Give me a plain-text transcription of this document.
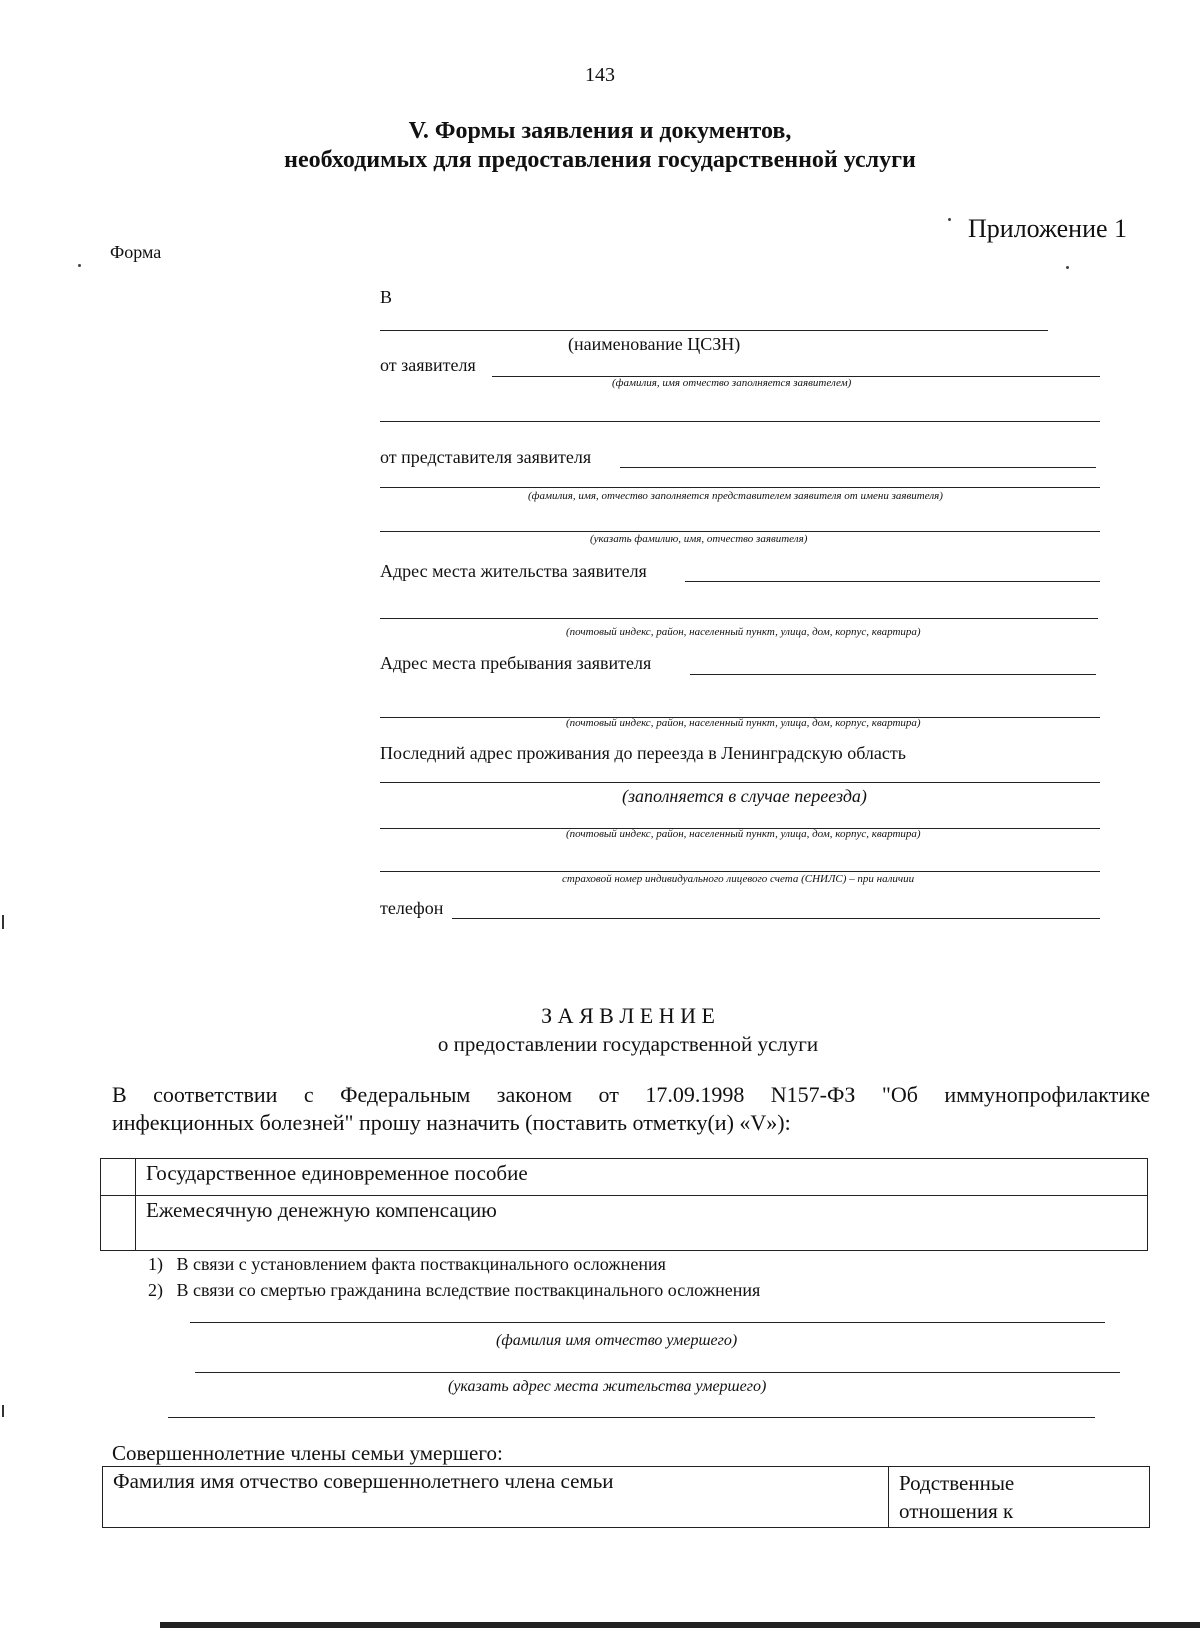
143
V. Формы заявления и документов,
необходимых для предоставления государственной услуги
Приложение 1
Форма
В
(наименование ЦСЗН)
от заявителя
(фамилия, имя отчество заполняется заявителем)
от представителя заявителя
(фамилия, имя, отчество заполняется представителем заявителя от имени заявителя)
(указать фамилию, имя, отчество заявителя)
Адрес места жительства заявителя
(почтовый индекс, район, населенный пункт, улица, дом, корпус, квартира)
Адрес места пребывания заявителя
(почтовый индекс, район, населенный пункт, улица, дом, корпус, квартира)
Последний адрес проживания до переезда в Ленинградскую область
(заполняется в случае переезда)
(почтовый индекс, район, населенный пункт, улица, дом, корпус, квартира)
страховой номер индивидуального лицевого счета (СНИЛС) – при наличии
телефон
З А Я В Л Е Н И Е
о предоставлении государственной услуги
В соответствии с Федеральным законом от 17.09.1998 N157-ФЗ "Об иммунопрофилактике
инфекционных болезней" прошу назначить (поставить отметку(и) «V»):
	Государственное единовременное пособие
	Ежемесячную денежную компенсацию
1) В связи с установлением факта поствакцинального осложнения
2) В связи со смертью гражданина вследствие поствакцинального осложнения
(фамилия имя отчество умершего)
(указать адрес места жительства умершего)
Совершеннолетние члены семьи умершего:
Фамилия имя отчество совершеннолетнего члена семьи	Родственные
отношения к
